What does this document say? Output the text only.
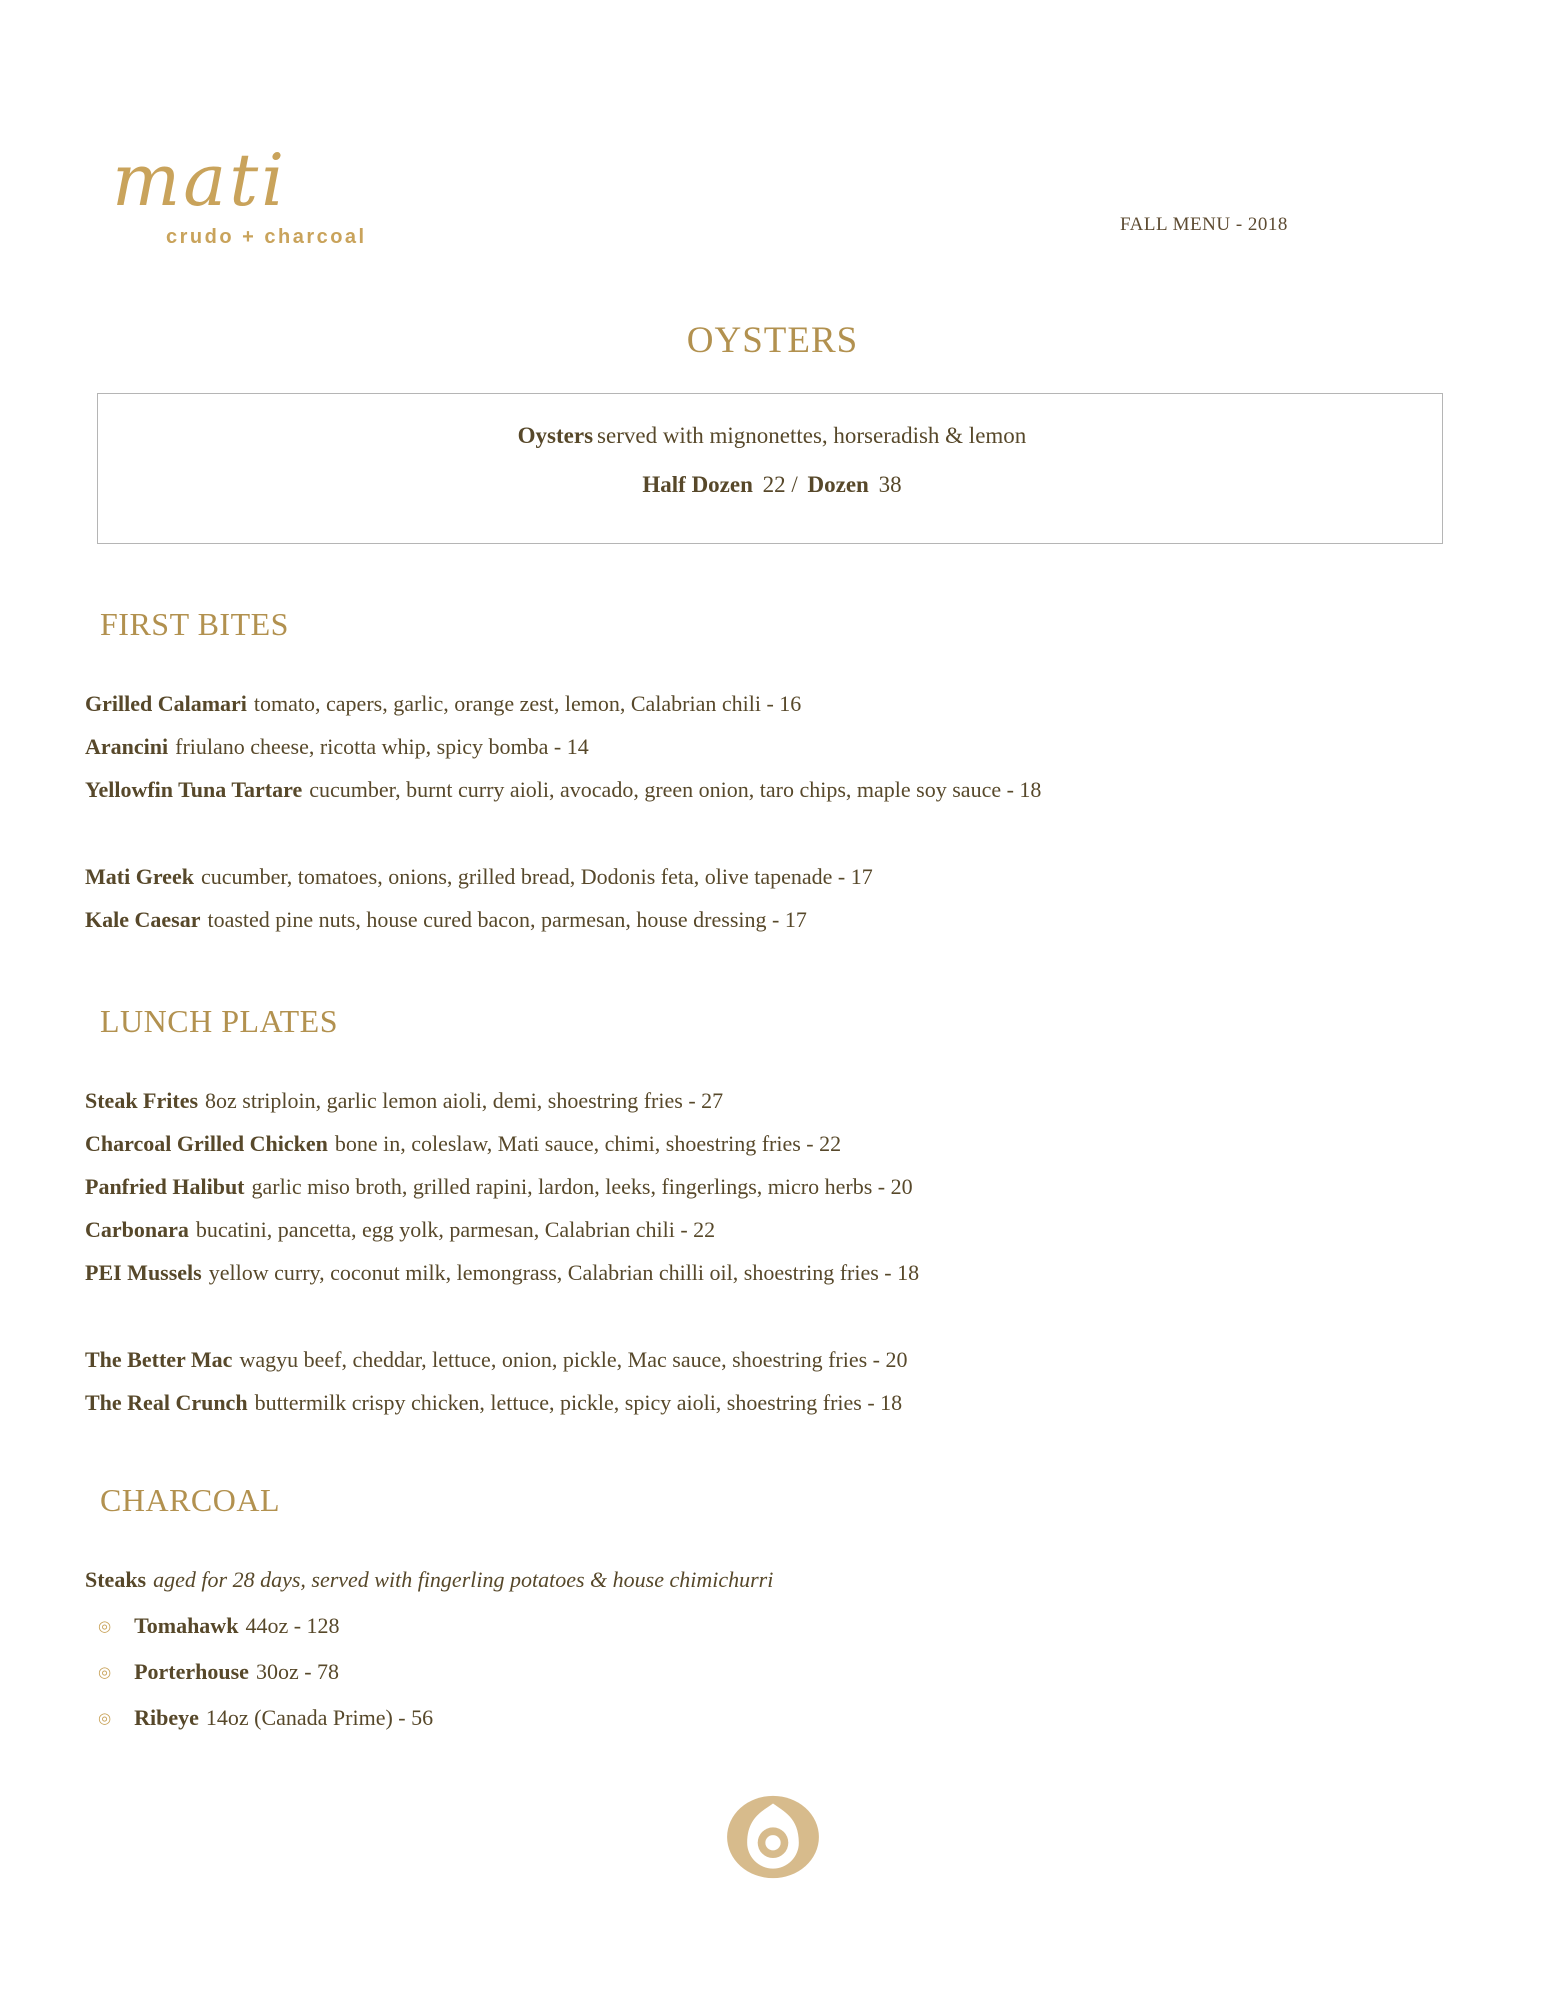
mati
crudo + charcoal
FALL MENU - 2018
OYSTERS
Oysters served with mignonettes, horseradish & lemon
Half Dozen 22 / Dozen 38
FIRST BITES
Grilled Calamari tomato, capers, garlic, orange zest, lemon, Calabrian chili - 16
Arancini friulano cheese, ricotta whip, spicy bomba - 14
Yellowfin Tuna Tartare cucumber, burnt curry aioli, avocado, green onion, taro chips, maple soy sauce - 18
Mati Greek cucumber, tomatoes, onions, grilled bread, Dodonis feta, olive tapenade - 17
Kale Caesar toasted pine nuts, house cured bacon, parmesan, house dressing - 17
LUNCH PLATES
Steak Frites 8oz striploin, garlic lemon aioli, demi, shoestring fries - 27
Charcoal Grilled Chicken bone in, coleslaw, Mati sauce, chimi, shoestring fries - 22
Panfried Halibut garlic miso broth, grilled rapini, lardon, leeks, fingerlings, micro herbs - 20
Carbonara bucatini, pancetta, egg yolk, parmesan, Calabrian chili - 22
PEI Mussels yellow curry, coconut milk, lemongrass, Calabrian chilli oil, shoestring fries - 18
The Better Mac wagyu beef, cheddar, lettuce, onion, pickle, Mac sauce, shoestring fries - 20
The Real Crunch buttermilk crispy chicken, lettuce, pickle, spicy aioli, shoestring fries - 18
CHARCOAL
Steaks aged for 28 days, served with fingerling potatoes & house chimichurri
◎ Tomahawk 44oz - 128
◎ Porterhouse 30oz - 78
◎ Ribeye 14oz (Canada Prime) - 56
